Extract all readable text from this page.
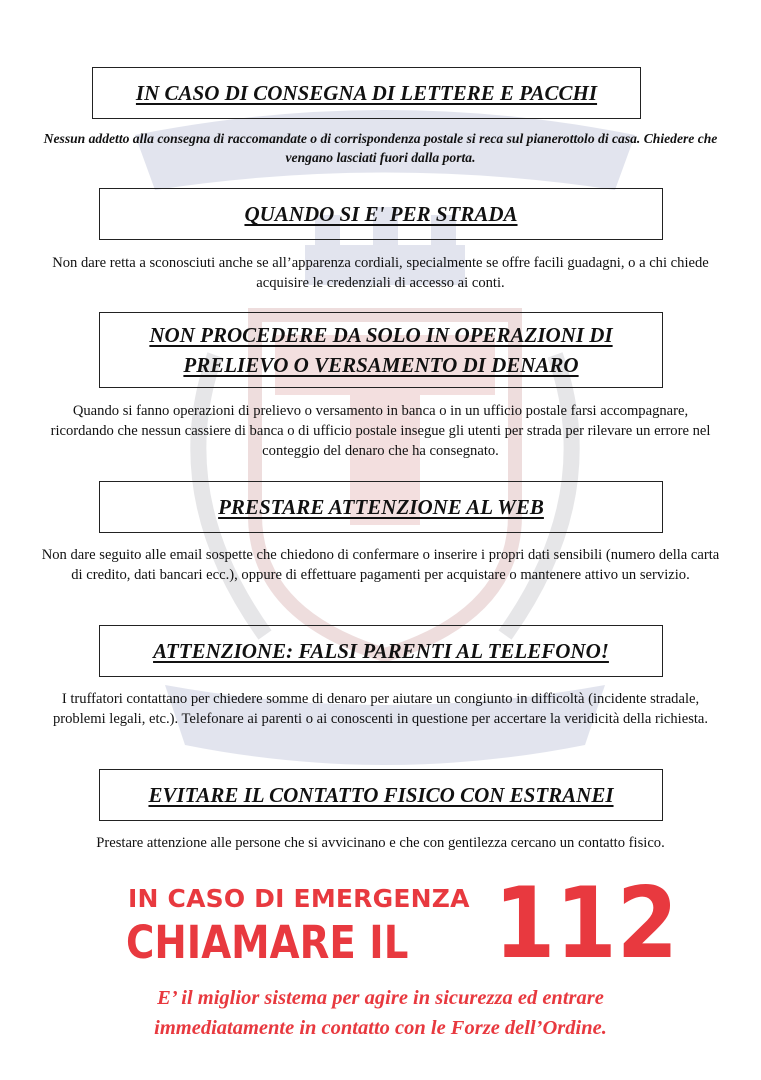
IN CASO DI CONSEGNA DI LETTERE E PACCHI
Nessun addetto alla consegna di raccomandate o di corrispondenza postale si reca sul pianerottolo di casa. Chiedere che vengano lasciati fuori dalla porta.
QUANDO SI E' PER STRADA
Non dare retta a sconosciuti anche se all’apparenza cordiali, specialmente se offre facili guadagni, o a chi chiede acquisire le credenziali di accesso ai conti.
NON PROCEDERE DA SOLO IN OPERAZIONI DI PRELIEVO O VERSAMENTO DI DENARO
Quando si fanno operazioni di prelievo o versamento in banca o in un ufficio postale farsi accompagnare, ricordando che nessun cassiere di banca o di ufficio postale insegue gli utenti per strada per rilevare un errore nel conteggio del denaro che ha consegnato.
PRESTARE ATTENZIONE AL WEB
Non dare seguito alle email sospette che chiedono di confermare o inserire i propri dati sensibili (numero della carta di credito, dati bancari ecc.), oppure di effettuare pagamenti per acquistare o mantenere attivo un servizio.
ATTENZIONE: FALSI PARENTI AL TELEFONO!
I truffatori contattano per chiedere somme di denaro per aiutare un congiunto in difficoltà (incidente stradale, problemi legali, etc.). Telefonare ai parenti o ai conoscenti in questione per accertare la veridicità della richiesta.
EVITARE IL CONTATTO FISICO CON ESTRANEI
Prestare attenzione alle persone che si avvicinano e che con gentilezza cercano un contatto fisico.
IN CASO DI EMERGENZA
CHIAMARE IL 112
E’ il miglior sistema per agire in sicurezza ed entrare
immediatamente in contatto con le Forze dell’Ordine.
